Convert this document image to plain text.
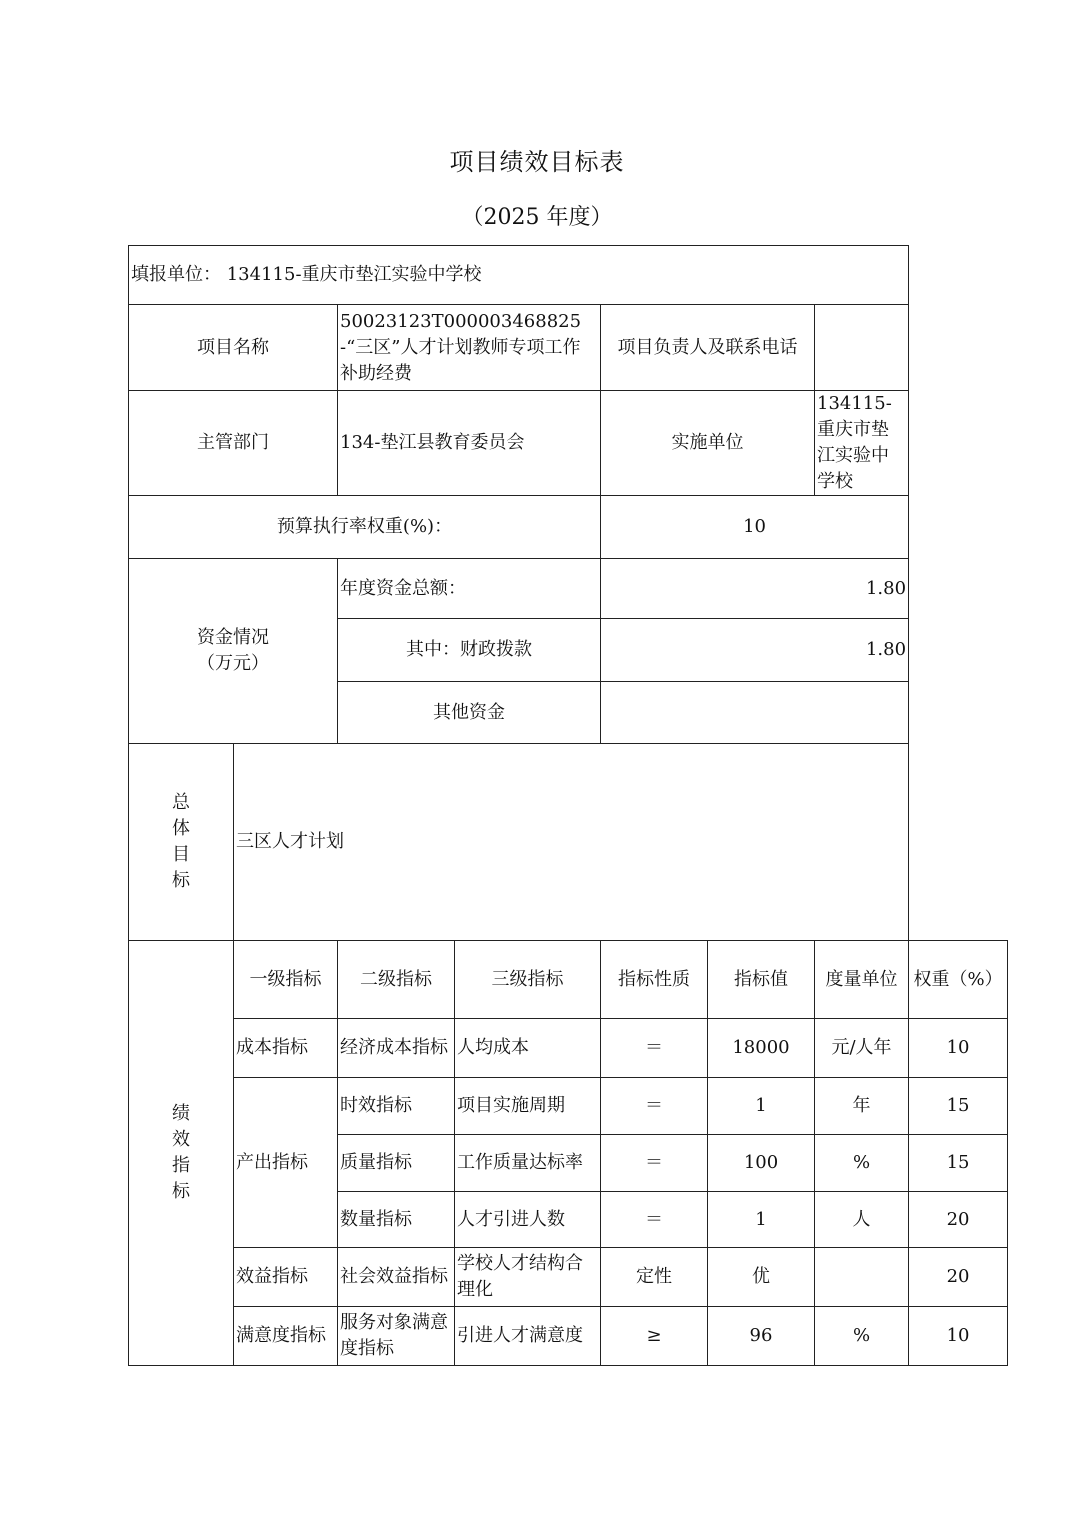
项目绩效目标表
（2025 年度）
填报单位： 134115-重庆市垫江实验中学校							
项目名称		50023123T000003468825-“三区”人才计划教师专项工作补助经费		项目负责人及联系电话			
主管部门		134-垫江县教育委员会		实施单位		134115-重庆市垫江实验中学校	
预算执行率权重(%)：				10			

资金情况
（万元）		年度资金总额：		1.80			
		其中：财政拨款		1.80			
		其他资金					

总
体
目
标	三区人才计划						

绩
效
指
标	一级指标	二级指标	三级指标	指标性质	指标值	度量单位	权重（%）
	成本指标	经济成本指标	人均成本	＝	18000	元/人年	10
	产出指标	时效指标	项目实施周期	＝	1	年	15
		质量指标	工作质量达标率	＝	100	%	15
		数量指标	人才引进人数	＝	1	人	20
	效益指标	社会效益指标	学校人才结构合理化	定性	优		20
	满意度指标	服务对象满意度指标	引进人才满意度	≥	96	%	10
